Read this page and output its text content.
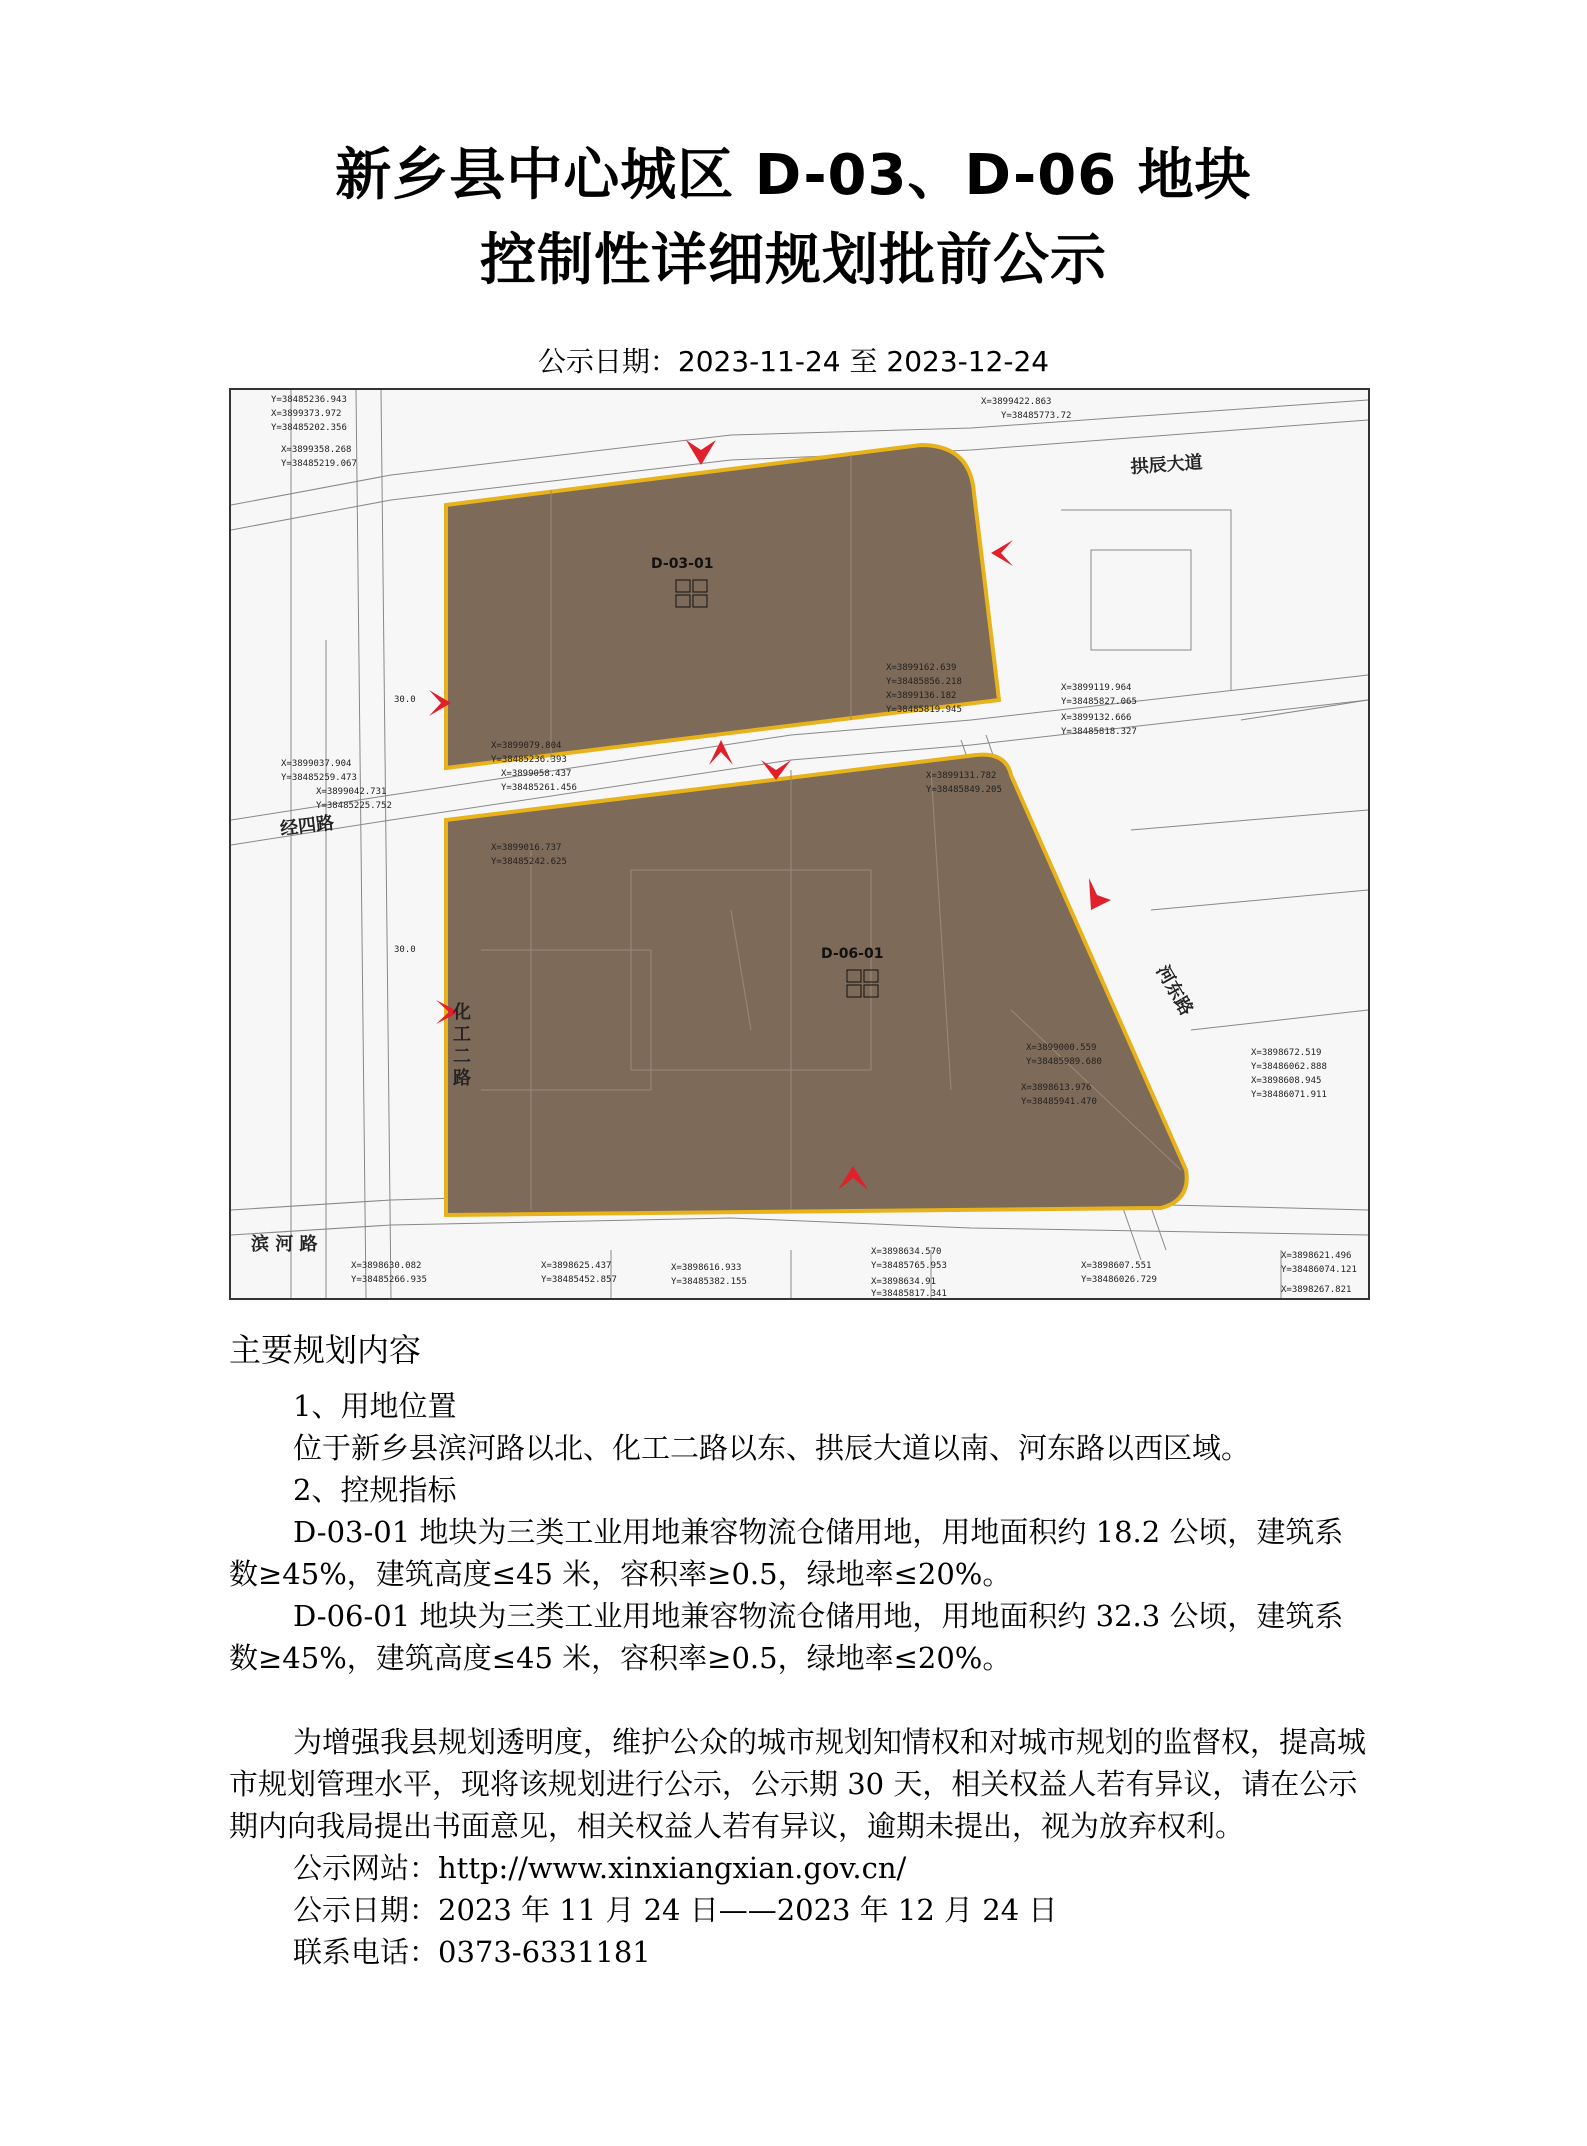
新乡县中心城区 D-03、D-06 地块
控制性详细规划批前公示
公示日期：2023-11-24 至 2023-12-24
D-03-01
D-06-01
拱辰大道
经四路
滨 河 路
河东路
化
工
二
路
30.0
30.0
Y=38485236.943
X=3899373.972
Y=38485202.356
X=3899358.268
Y=38485219.067
X=3899422.863
Y=38485773.72
X=3899162.639
Y=38485856.218
X=3899136.182
Y=38485819.945
X=3899119.964
Y=38485827.065
X=3899132.666
Y=38485818.327
X=3899037.904
Y=38485259.473
X=3899042.731
Y=38485225.752
X=3899079.804
Y=38485236.393
X=3899058.437
Y=38485261.456
X=3899016.737
Y=38485242.625
X=3899131.782
Y=38485849.205
X=3899000.559
Y=38485989.680
X=3898613.976
Y=38485941.470
X=3898672.519
Y=38486062.888
X=3898608.945
Y=38486071.911
X=3898630.082
Y=38485266.935
X=3898625.437
Y=38485452.857
X=3898616.933
Y=38485382.155
X=3898634.570
Y=38485765.953
X=3898634.91
Y=38485817.341
X=3898607.551
Y=38486026.729
X=3898621.496
Y=38486074.121
X=3898267.821
主要规划内容
1、用地位置
位于新乡县滨河路以北、化工二路以东、拱辰大道以南、河东路以西区域。
2、控规指标
D-03-01 地块为三类工业用地兼容物流仓储用地，用地面积约 18.2 公顷，建筑系数≥45%，建筑高度≤45 米，容积率≥0.5，绿地率≤20%。
D-06-01 地块为三类工业用地兼容物流仓储用地，用地面积约 32.3 公顷，建筑系数≥45%，建筑高度≤45 米，容积率≥0.5，绿地率≤20%。
为增强我县规划透明度，维护公众的城市规划知情权和对城市规划的监督权，提高城市规划管理水平，现将该规划进行公示，公示期 30 天，相关权益人若有异议，请在公示期内向我局提出书面意见，相关权益人若有异议，逾期未提出，视为放弃权利。
公示网站：http://www.xinxiangxian.gov.cn/
公示日期：2023 年 11 月 24 日——2023 年 12 月 24 日
联系电话：0373-6331181
